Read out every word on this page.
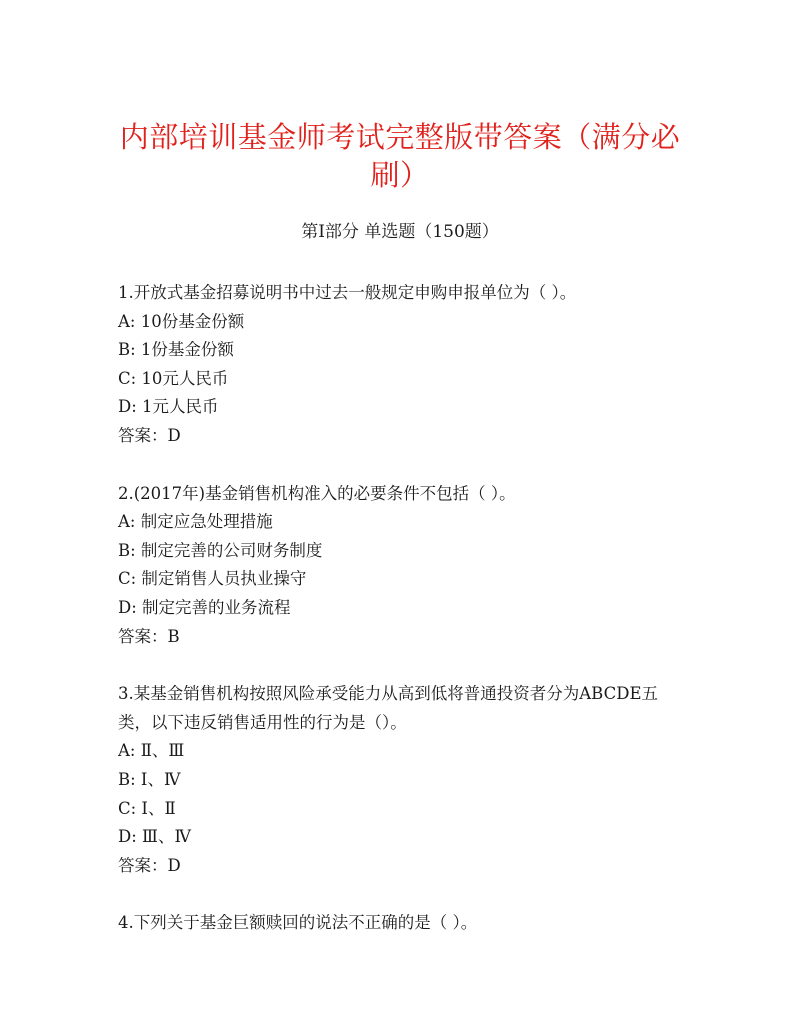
内部培训基金师考试完整版带答案（满分必刷）
第Ⅰ部分 单选题（150题）
1.开放式基金招募说明书中过去一般规定申购申报单位为（ ）。
A: 10份基金份额
B: 1份基金份额
C: 10元人民币
D: 1元人民币
答案：D
2.(2017年)基金销售机构准入的必要条件不包括（ ）。
A: 制定应急处理措施
B: 制定完善的公司财务制度
C: 制定销售人员执业操守
D: 制定完善的业务流程
答案：B
3.某基金销售机构按照风险承受能力从高到低将普通投资者分为ABCDE五类，以下违反销售适用性的行为是（）。
A: Ⅱ、Ⅲ
B: Ⅰ、Ⅳ
C: Ⅰ、Ⅱ
D: Ⅲ、Ⅳ
答案：D
4.下列关于基金巨额赎回的说法不正确的是（ ）。
